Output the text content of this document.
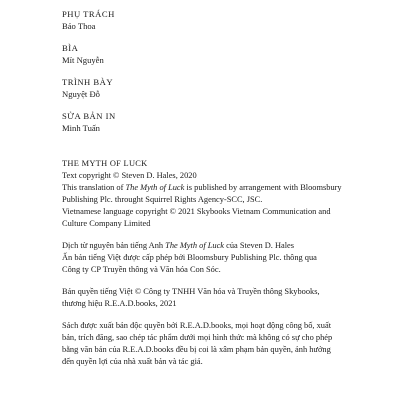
PHỤ TRÁCH
Bảo Thoa
BÌA
Mít Nguyễn
TRÌNH BÀY
Nguyệt Đỗ
SỬA BẢN IN
Minh Tuấn

THE MYTH OF LUCK

Text copyright © Steven D. Hales, 2020

This translation of The Myth of Luck is published by arrangement with Bloomsbury

Publishing Plc. throught Squirrel Rights Agency-SCC, JSC.

Vietnamese language copyright © 2021 Skybooks Vietnam Communication and

Culture Company Limited

Dịch từ nguyên bản tiếng Anh The Myth of Luck của Steven D. Hales

Ấn bản tiếng Việt được cấp phép bởi Bloomsbury Publishing Plc. thông qua

Công ty CP Truyền thông và Văn hóa Con Sóc.

Bản quyền tiếng Việt © Công ty TNHH Văn hóa và Truyền thông Skybooks,

thương hiệu R.E.A.D.books, 2021

Sách được xuất bản độc quyền bởi R.E.A.D.books, mọi hoạt động công bố, xuất

bản, trích đăng, sao chép tác phẩm dưới mọi hình thức mà không có sự cho phép

bằng văn bản của R.E.A.D.books đều bị coi là xâm phạm bản quyền, ảnh hưởng

đến quyền lợi của nhà xuất bản và tác giả.
